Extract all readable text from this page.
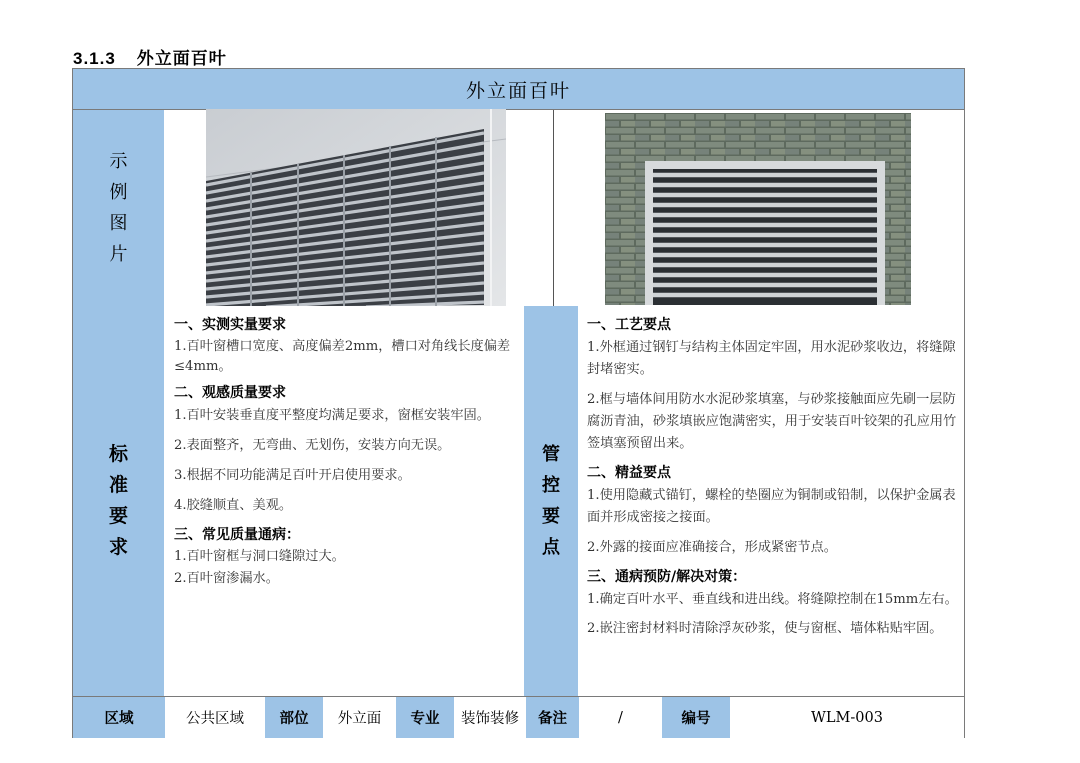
3.1.3 外立面百叶
外立面百叶
示
例
图
片
标
准
要
求
一、实测实量要求
1.百叶窗槽口宽度、高度偏差2mm，槽口对角线长度偏差≤4mm。
二、观感质量要求
1.百叶安装垂直度平整度均满足要求，窗框安装牢固。
2.表面整齐，无弯曲、无划伤，安装方向无误。
3.根据不同功能满足百叶开启使用要求。
4.胶缝顺直、美观。
三、常见质量通病：
1.百叶窗框与洞口缝隙过大。
2.百叶窗渗漏水。
管
控
要
点
一、工艺要点
1.外框通过钢钉与结构主体固定牢固，用水泥砂浆收边，将缝隙封堵密实。
2.框与墙体间用防水水泥砂浆填塞，与砂浆接触面应先刷一层防 腐沥青油，砂浆填嵌应饱满密实，用于安装百叶铰架的孔应用竹 签填塞预留出来。
二、精益要点
1.使用隐藏式锚钉，螺栓的垫圈应为铜制或铅制，以保护金属表 面并形成密接之接面。
2.外露的接面应准确接合，形成紧密节点。
三、通病预防/解决对策：
1.确定百叶水平、垂直线和进出线。将缝隙控制在15mm左右。
2.嵌注密封材料时清除浮灰砂浆，使与窗框、墙体粘贴牢固。
区域	公共区域	部位	外立面	专业	装饰装修	备注	/	编号	WLM-003
